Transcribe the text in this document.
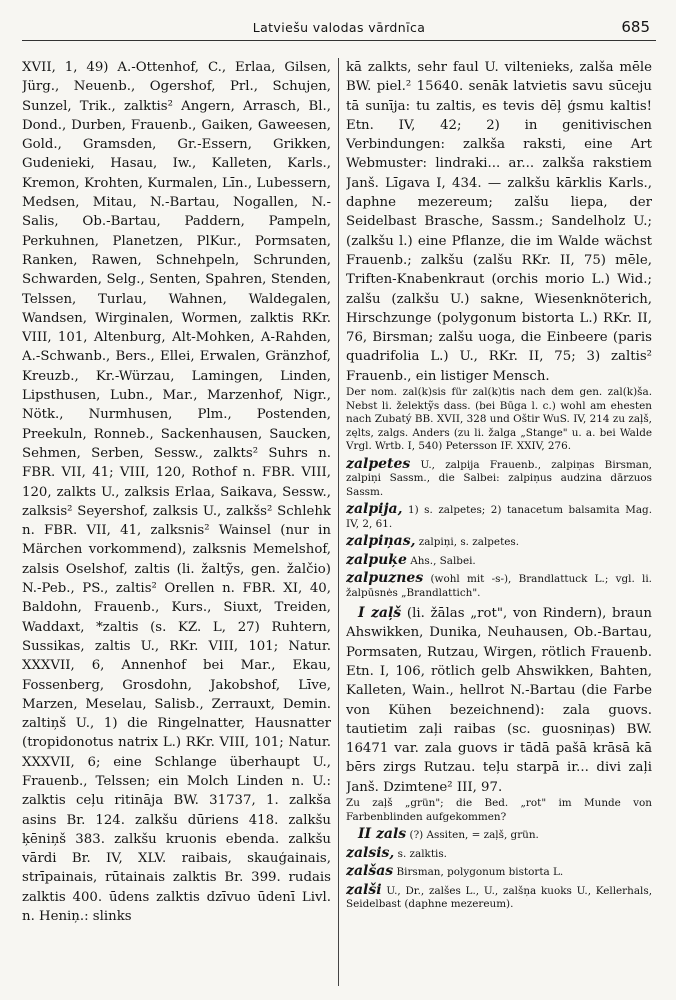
Latviešu valodas vārdnīca	685

XVII, 1, 49) A.-Ottenhof, C., Erlaa, Gilsen, Jürg., Neuenb., Ogershof, Prl., Schujen, Sunzel, Trik., zalktis² Angern, Arrasch, Bl., Dond., Durben, Frauenb., Gaiken, Gaweesen, Gold., Gramsden, Gr.-Essern, Grikken, Gudenieki, Hasau, Iw., Kalleten, Karls., Kremon, Krohten, Kurmalen, Līn., Lubessern, Medsen, Mitau, N.-Bartau, Nogallen, N.-Salis, Ob.-Bartau, Paddern, Pampeln, Perkuhnen, Planetzen, PlKur., Pormsaten, Ranken, Rawen, Schnehpeln, Schrunden, Schwarden, Selg., Senten, Spahren, Stenden, Telssen, Turlau, Wahnen, Waldegalen, Wandsen, Wirginalen, Wormen, zalktis RKr. VIII, 101, Altenburg, Alt-Mohken, A-Rahden, A.-Schwanb., Bers., Ellei, Erwalen, Gränzhof, Kreuzb., Kr.-Würzau, Lamingen, Linden, Lipsthusen, Lubn., Mar., Marzenhof, Nigr., Nötk., Nurmhusen, Plm., Postenden, Preekuln, Ronneb., Sackenhausen, Saucken, Sehmen, Serben, Sessw., zalkts² Suhrs n. FBR. VII, 41; VIII, 120, Rothof n. FBR. VIII, 120, zalkts U., zalksis Erlaa, Saikava, Sessw., zalksis² Seyershof, zalksis U., zalkšs² Schlehk n. FBR. VII, 41, zalksnis² Wainsel (nur in Märchen vorkommend), zalksnis Memelshof, zalsis Oselshof, zaltis (li. žaltỹs, gen. žalčio) N.-Peb., PS., zaltis² Orellen n. FBR. XI, 40, Baldohn, Frauenb., Kurs., Siuxt, Treiden, Waddaxt, *zaltis (s. KZ. L, 27) Ruhtern, Sussikas, zaltis U., RKr. VIII, 101; Natur. XXXVII, 6, Annenhof bei Mar., Ekau, Fossenberg, Grosdohn, Jakobshof, Līve, Marzen, Meselau, Salisb., Zerrauxt, Demin. zaltiņš U., 1) die Ringelnatter, Hausnatter (tropidonotus natrix L.) RKr. VIII, 101; Natur. XXXVII, 6; eine Schlange überhaupt U., Frauenb., Telssen; ein Molch Linden n. U.: zalktis ceļu ritināja BW. 31737, 1. zalkša asins Br. 124. zalkšu dūriens 418. zalkšu ķēniņš 383. zalkšu kruonis ebenda. zalkšu vārdi Br. IV, XLV. raibais, skauģainais, strīpainais, rūtainais zalktis Br. 399. rudais zalktis 400. ūdens zalktis dzīvuo ūdenī Livl. n. Heniņ.: slinks

kā zalkts, sehr faul U. viltenieks, zalša mēle BW. piel.² 15640. senāk latvietis savu sūceju tā sunīja: tu zaltis, es tevis dēļ ģsmu kaltis! Etn. IV, 42; 2) in genitivischen Verbindungen: zalkša raksti, eine Art Webmuster: lindraki... ar... zalkša rakstiem Janš. Līgava I, 434. — zalkšu kārklis Karls., daphne mezereum; zalšu liepa, der Seidelbast Brasche, Sassm.; Sandelholz U.; (zalkšu l.) eine Pflanze, die im Walde wächst Frauenb.; zalkšu (zalšu RKr. II, 75) mēle, Triften-Knabenkraut (orchis morio L.) Wid.; zalšu (zalkšu U.) sakne, Wiesenknöterich, Hirschzunge (polygonum bistorta L.) RKr. II, 76, Birsman; zalšu uoga, die Einbeere (paris quadrifolia L.) U., RKr. II, 75; 3) zaltis² Frauenb., ein listiger Mensch.

Der nom. zal(k)sis für zal(k)tis nach dem gen. zal(k)šа. Nebst li. želektỹs dass. (bei Būga l. c.) wohl am ehesten nach Zubatý BB. XVII, 328 und Oštir WuS. IV, 214 zu zaļš, zęlts, zalgs. Anders (zu li. žalga „Stange" u. a. bei Walde Vrgl. Wrtb. I, 540) Petersson IF. XXIV, 276.

zalpetes U., zalpija Frauenb., zalpiņas Birsman, zalpiņi Sassm., die Salbei: zalpiņus audzina dārzuos Sassm.

zalpija, 1) s. zalpetes; 2) tanacetum balsamita Mag. IV, 2, 61.

zalpiņas, zalpiņi, s. zalpetes.

zalpuķe Ahs., Salbei.

zalpuznes (wohl mit -s-), Brandlattuck L.; vgl. li. žalpūsnės „Brandlattich".

I zaļš (li. žālas „rot", von Rindern), braun Ahswikken, Dunika, Neuhausen, Ob.-Bartau, Pormsaten, Rutzau, Wirgen, rötlich Frauenb. Etn. I, 106, rötlich gelb Ahswikken, Bahten, Kalleten, Wain., hellrot N.-Bartau (die Farbe von Kühen bezeichnend): zala guovs. tautietim zaļi raibas (sc. guosniņas) BW. 16471 var. zala guovs ir tādā pašā krāsā kā bērs zirgs Rutzau. teļu starpā ir... divi zaļi Janš. Dzimtene² III, 97.

Zu zaļš „grün"; die Bed. „rot" im Munde von Farbenblinden aufgekommen?

II zals (?) Assiten, = zaļš, grün.

zalsis, s. zalktis.

zalšas Birsman, polygonum bistorta L.

zalši U., Dr., zalšes L., U., zalšņa kuoks U., Kellerhals, Seidelbast (daphne mezereum).
